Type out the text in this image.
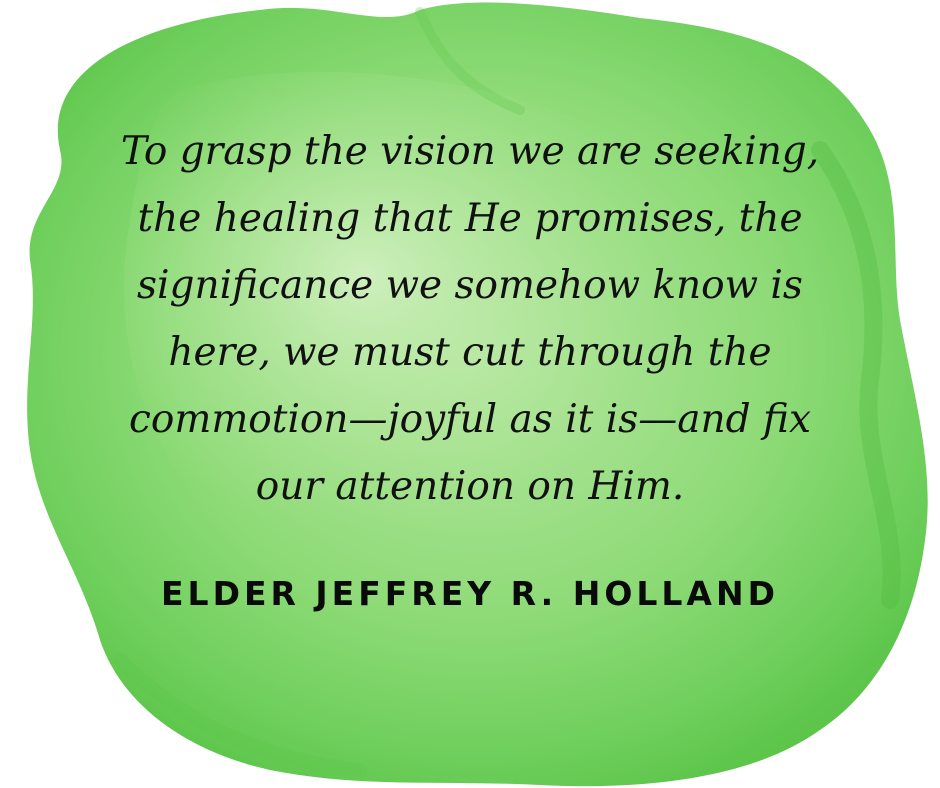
To grasp the vision we are seeking,
the healing that He promises, the
significance we somehow know is
here, we must cut through the
commotion—joyful as it is—and fix
our attention on Him.

ELDER JEFFREY R. HOLLAND
